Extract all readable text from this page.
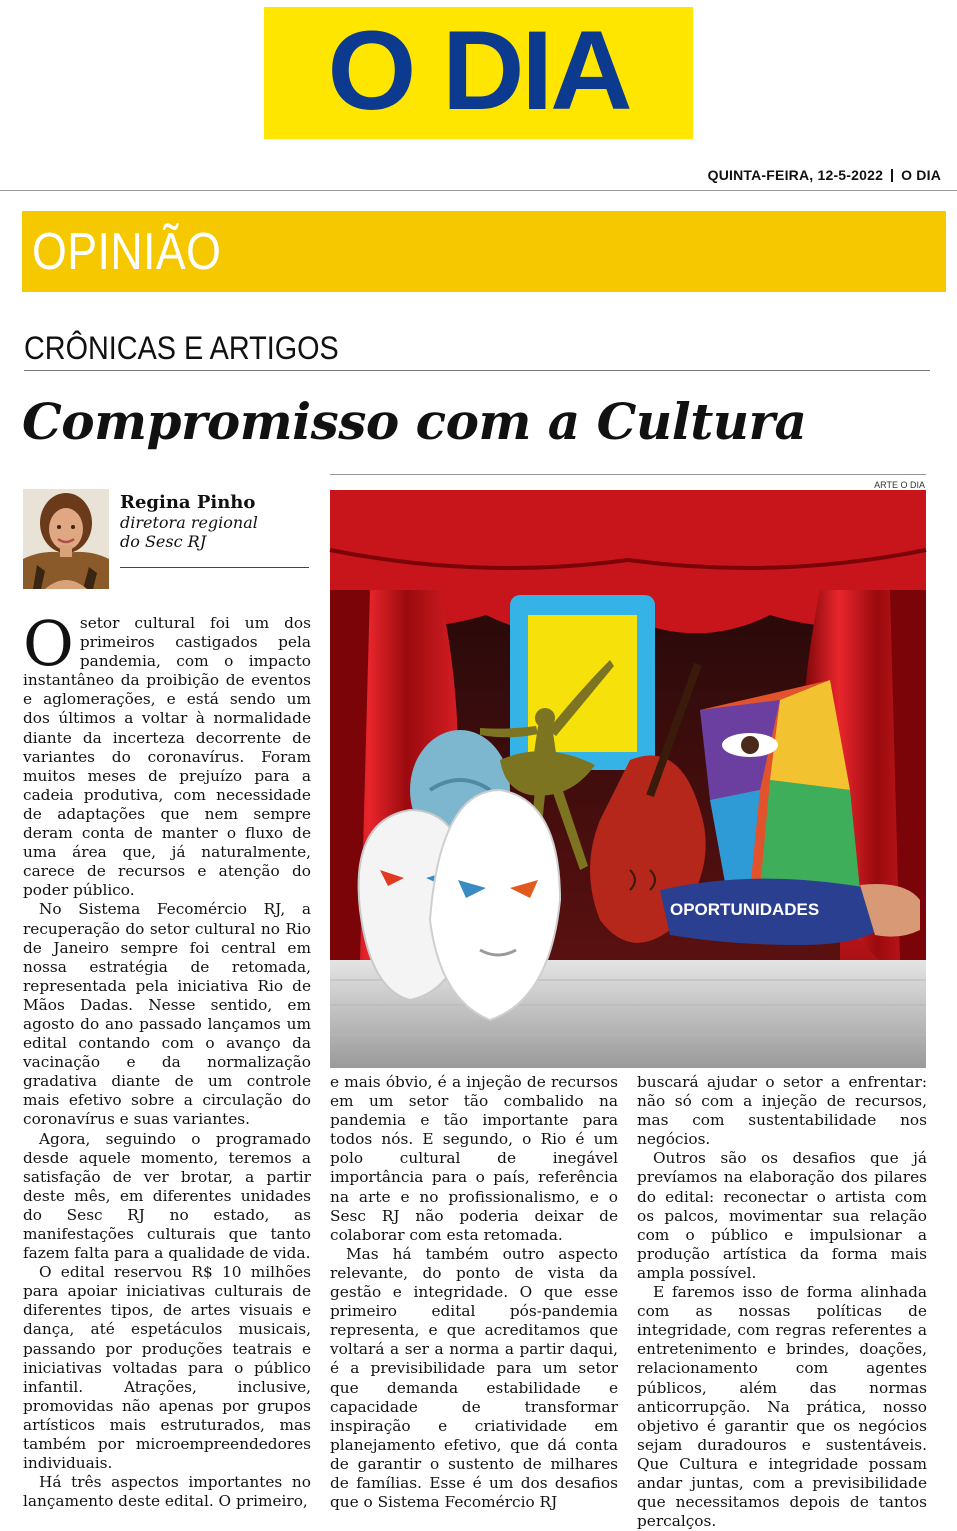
O DIA
QUINTA-FEIRA, 12-5-2022 O DIA
OPINIÃO
CRÔNICAS E ARTIGOS
Compromisso com a Cultura
ARTE O DIA
Regina Pinho
diretora regional
do Sesc RJ
OPORTUNIDADES

Osetor cultural foi um dos primeiros castigados pela pandemia, com o impacto instantâneo da proibição de eventos e aglomerações, e está sendo um dos últimos a voltar à normalidade diante da incerteza decorrente de variantes do coronavírus. Foram muitos meses de prejuízo para a cadeia produtiva, com necessidade de adaptações que nem sempre deram conta de manter o fluxo de uma área que, já naturalmente, carece de recursos e atenção do poder público.

No Sistema Fecomércio RJ, a recuperação do setor cultural no Rio de Janeiro sempre foi central em nossa estratégia de retomada, representada pela iniciativa Rio de Mãos Dadas. Nesse sentido, em agosto do ano passado lançamos um edital contando com o avanço da vacinação e da normalização gradativa diante de um controle mais efetivo sobre a circulação do coronavírus e suas variantes.

Agora, seguindo o programado desde aquele momento, teremos a satisfação de ver brotar, a partir deste mês, em diferentes unidades do Sesc RJ no estado, as manifestações culturais que tanto fazem falta para a qualidade de vida.

O edital reservou R$ 10 milhões para apoiar iniciativas culturais de diferentes tipos, de artes visuais e dança, até espetáculos musicais, passando por produções teatrais e iniciativas voltadas para o público infantil. Atrações, inclusive, promovidas não apenas por grupos artísticos mais estruturados, mas também por microempreendedores individuais.

Há três aspectos importantes no lançamento deste edital. O primeiro,

e mais óbvio, é a injeção de recursos em um setor tão combalido na pandemia e tão importante para todos nós. E segundo, o Rio é um polo cultural de inegável importância para o país, referência na arte e no profissionalismo, e o Sesc RJ não poderia deixar de colaborar com esta retomada.

Mas há também outro aspecto relevante, do ponto de vista da gestão e integridade. O que esse primeiro edital pós-pandemia representa, e que acreditamos que voltará a ser a norma a partir daqui, é a previsibilidade para um setor que demanda estabilidade e capacidade de transformar inspiração e criatividade em planejamento efetivo, que dá conta de garantir o sustento de milhares de famílias. Esse é um dos desafios que o Sistema Fecomércio RJ

buscará ajudar o setor a enfrentar: não só com a injeção de recursos, mas com sustentabilidade nos negócios.

Outros são os desafios que já prevíamos na elaboração dos pilares do edital: reconectar o artista com os palcos, movimentar sua relação com o público e impulsionar a produção artística da forma mais ampla possível.

E faremos isso de forma alinhada com as nossas políticas de integridade, com regras referentes a entretenimento e brindes, doações, relacionamento com agentes públicos, além das normas anticorrupção. Na prática, nosso objetivo é garantir que os negócios sejam duradouros e sustentáveis. Que Cultura e integridade possam andar juntas, com a previsibilidade que necessitamos depois de tantos percalços.
